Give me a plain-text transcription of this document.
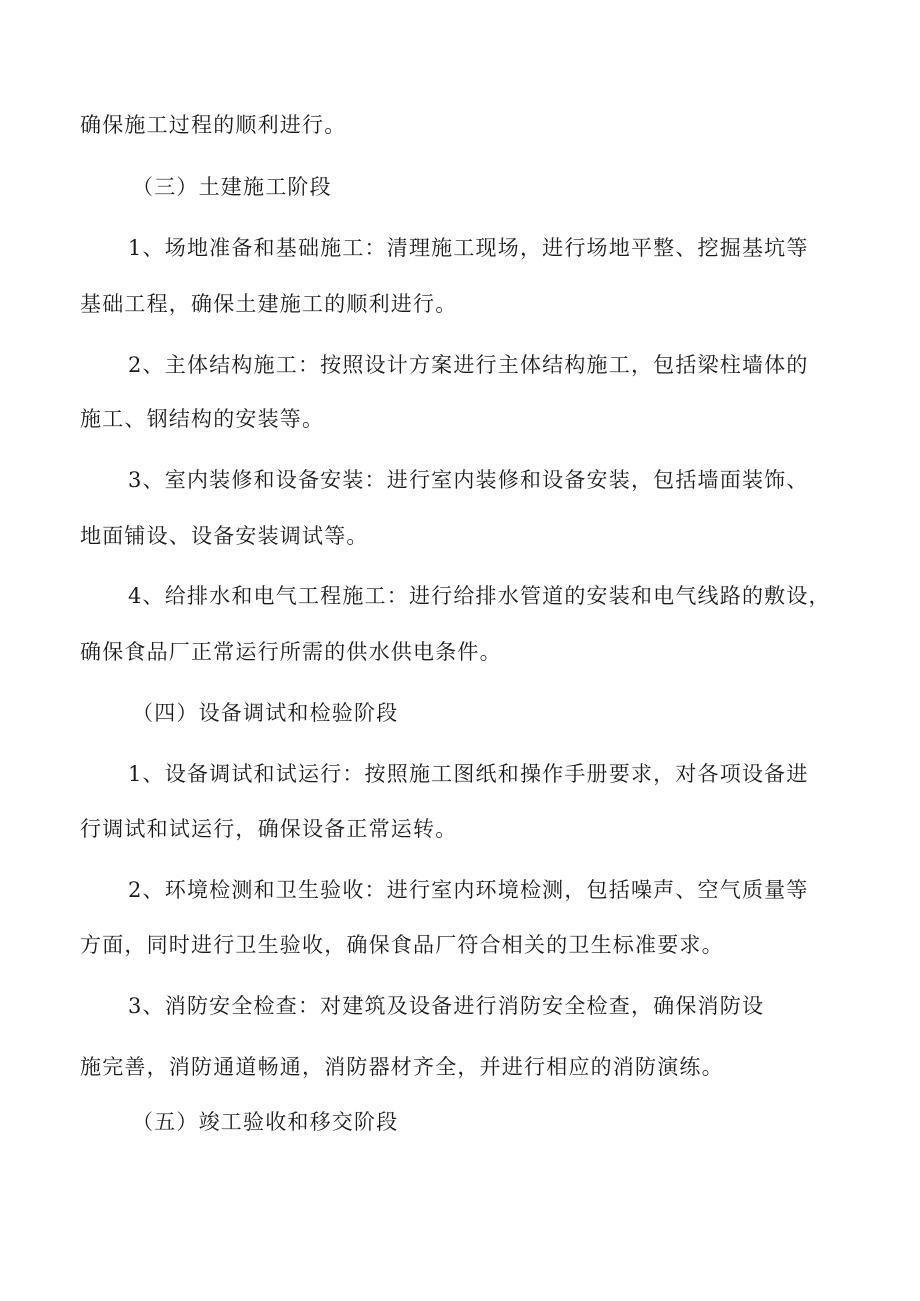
确保施工过程的顺利进行。
（三）土建施工阶段
1、场地准备和基础施工：清理施工现场，进行场地平整、挖掘基坑等
基础工程，确保土建施工的顺利进行。
2、主体结构施工：按照设计方案进行主体结构施工，包括梁柱墙体的
施工、钢结构的安装等。
3、室内装修和设备安装：进行室内装修和设备安装，包括墙面装饰、
地面铺设、设备安装调试等。
4、给排水和电气工程施工：进行给排水管道的安装和电气线路的敷设，
确保食品厂正常运行所需的供水供电条件。
（四）设备调试和检验阶段
1、设备调试和试运行：按照施工图纸和操作手册要求，对各项设备进
行调试和试运行，确保设备正常运转。
2、环境检测和卫生验收：进行室内环境检测，包括噪声、空气质量等
方面，同时进行卫生验收，确保食品厂符合相关的卫生标准要求。
3、消防安全检查：对建筑及设备进行消防安全检查，确保消防设
施完善，消防通道畅通，消防器材齐全，并进行相应的消防演练。
（五）竣工验收和移交阶段
